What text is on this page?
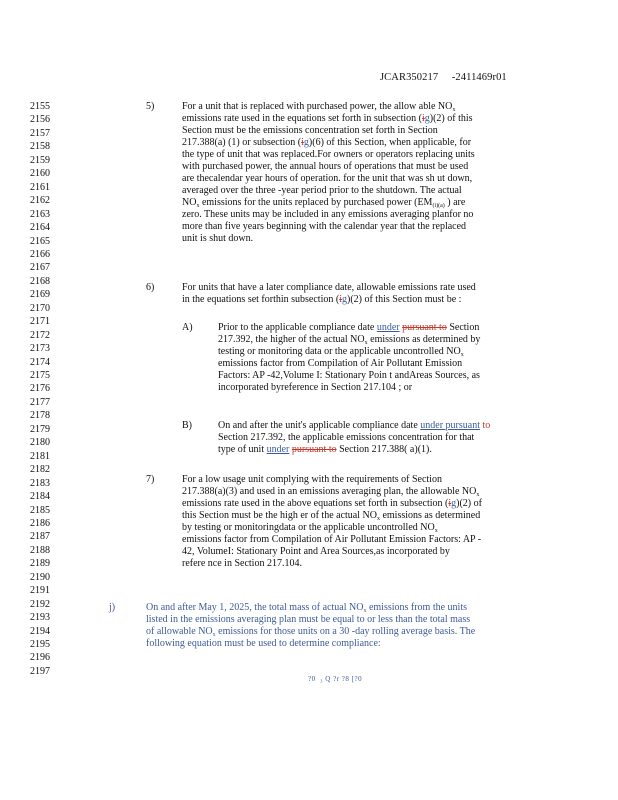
JCAR350217 -2411469r01
2155
2156
2157
2158
2159
2160
2161
2162
2163
2164
2165
2166
2167
2168
2169
2170
2171
2172
2173
2174
2175
2176
2177
2178
2179
2180
2181
2182
2183
2184
2185
2186
2187
2188
2189
2190
2191
2192
2193
2194
2195
2196
2197
5)	For a unit that is replaced with purchased power, the allow able $NO_x$
emissions rate used in the equations set forth in subsection (ig)(2) of this
Section must be the emissions concentration set forth in Section
217.388(a) (1) or subsection (ig)(6) of this Section, when applicable, for
the type of unit that was replaced.For owners or operators replacing units
with purchased power, the annual hours of operations that must be used
are thecalendar year hours of operation. for the unit that was sh ut down,
averaged over the three -year period prior to the shutdown. The actual
$NO_x$ emissions for the units replaced by purchased power ($EM_{(i)(a)}$ ) are
zero. These units may be included in any emissions averaging planfor no
more than five years beginning with the calendar year that the replaced
unit is shut down.
6)	For units that have a later compliance date, allowable emissions rate used
in the equations set forthin subsection (ig)(2) of this Section must be :
A)	Prior to the applicable compliance date under pursuant to Section
217.392, the higher of the actual $NO_x$ emissions as determined by
testing or monitoring data or the applicable uncontrolled $NO_x$
emissions factor from Compilation of Air Pollutant Emission
Factors: AP -42,Volume I: Stationary Poin t andAreas Sources, as
incorporated byreference in Section 217.104 ; or
B)	On and after the unit's applicable compliance date under pursuant to
Section 217.392, the applicable emissions concentration for that
type of unit under pursuant to Section 217.388( a)(1).
7)	For a low usage unit complying with the requirements of Section
217.388(a)(3) and used in an emissions averaging plan, the allowable $NO_x$
emissions rate used in the above equations set forth in subsection (ig)(2) of
this Section must be the high er of the actual $NO_x$ emissions as determined
by testing or monitoringdata or the applicable uncontrolled $NO_x$
emissions factor from Compilation of Air Pollutant Emission Factors: AP -
42, VolumeI: Stationary Point and Area Sources,as incorporated by
refere nce in Section 217.104.
j)	On and after May 1, 2025, the total mass of actual $NO_x$ emissions from the units
listed in the emissions averaging plan must be equal to or less than the total mass
of allowable $NO_x$ emissions for those units on a 30 -day rolling average basis. The
following equation must be used to determine compliance:
?0 ⁢ ⁥₃ Q ?r ?8 [?0 ⁢⁢⁢
